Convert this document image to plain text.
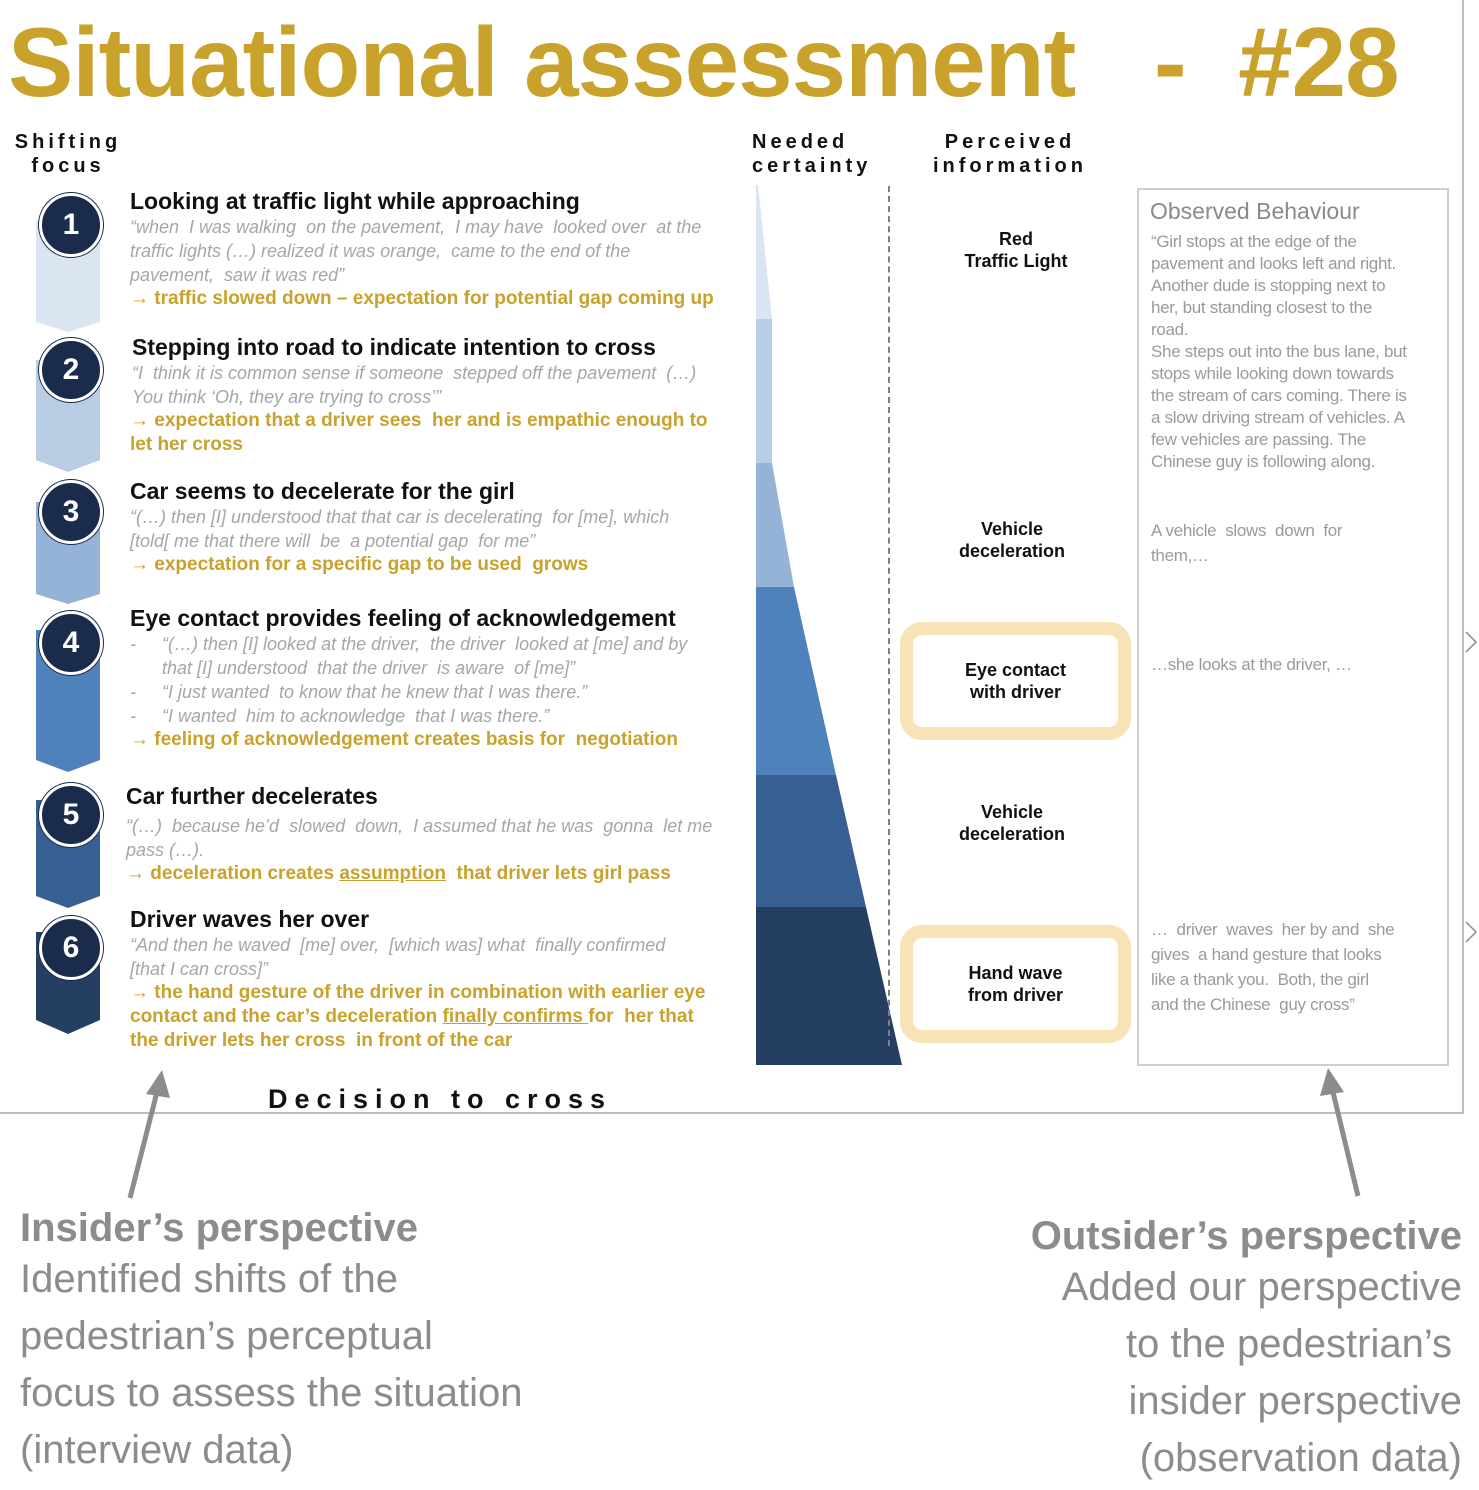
Situational assessment   -  #28
Shifting
focus
Needed
certainty
Perceived
information
1
2
3
4
5
6
Looking at traffic light while approaching
“when  I was walking  on the pavement,  I may have  looked over  at the
traffic lights (…) realized it was orange,  came to the end of the
pavement,  saw it was red”
→ traffic slowed down – expectation for potential gap coming up
Stepping into road to indicate intention to cross
“I  think it is common sense if someone  stepped off the pavement  (…)
You think ‘Oh, they are trying to cross’”
→ expectation that a driver sees  her and is empathic enough to
let her cross
Car seems to decelerate for the girl
“(…) then [I] understood that that car is decelerating  for [me], which
[told[ me that there will  be  a potential gap  for me”
→ expectation for a specific gap to be used  grows
Eye contact provides feeling of acknowledgement
- “(…) then [I] looked at the driver,  the driver  looked at [me] and by
that [I] understood  that the driver  is aware  of [me]”
- “I just wanted  to know that he knew that I was there.”
- “I wanted  him to acknowledge  that I was there.”
→ feeling of acknowledgement creates basis for  negotiation
Car further decelerates
“(…)  because he’d  slowed  down,  I assumed that he was  gonna  let me
pass (…).
→ deceleration creates assumption  that driver lets girl pass
Driver waves her over
“And then he waved  [me] over,  [which was] what  finally confirmed
[that I can cross]”
→ the hand gesture of the driver in combination with earlier eye
contact and the car’s deceleration finally confirms for  her that
the driver lets her cross  in front of the car
Red
Traffic Light
Vehicle
deceleration
Eye contact
with driver
Vehicle
deceleration
Hand wave
from driver
Observed Behaviour
“Girl stops at the edge of the
pavement and looks left and right.
Another dude is stopping next to
her, but standing closest to the
road.
She steps out into the bus lane, but
stops while looking down towards
the stream of cars coming. There is
a slow driving stream of vehicles. A
few vehicles are passing. The
Chinese guy is following along.
A vehicle  slows  down  for
them,…
…she looks at the driver, …
…  driver  waves  her by and  she
gives  a hand gesture that looks
like a thank you.  Both, the girl
and the Chinese  guy cross”
Decision to cross
Insider’s perspective
Identified shifts of the
pedestrian’s perceptual
focus to assess the situation
(interview data)
Outsider’s perspective
Added our perspective
to the pedestrian’s
insider perspective
(observation data)
